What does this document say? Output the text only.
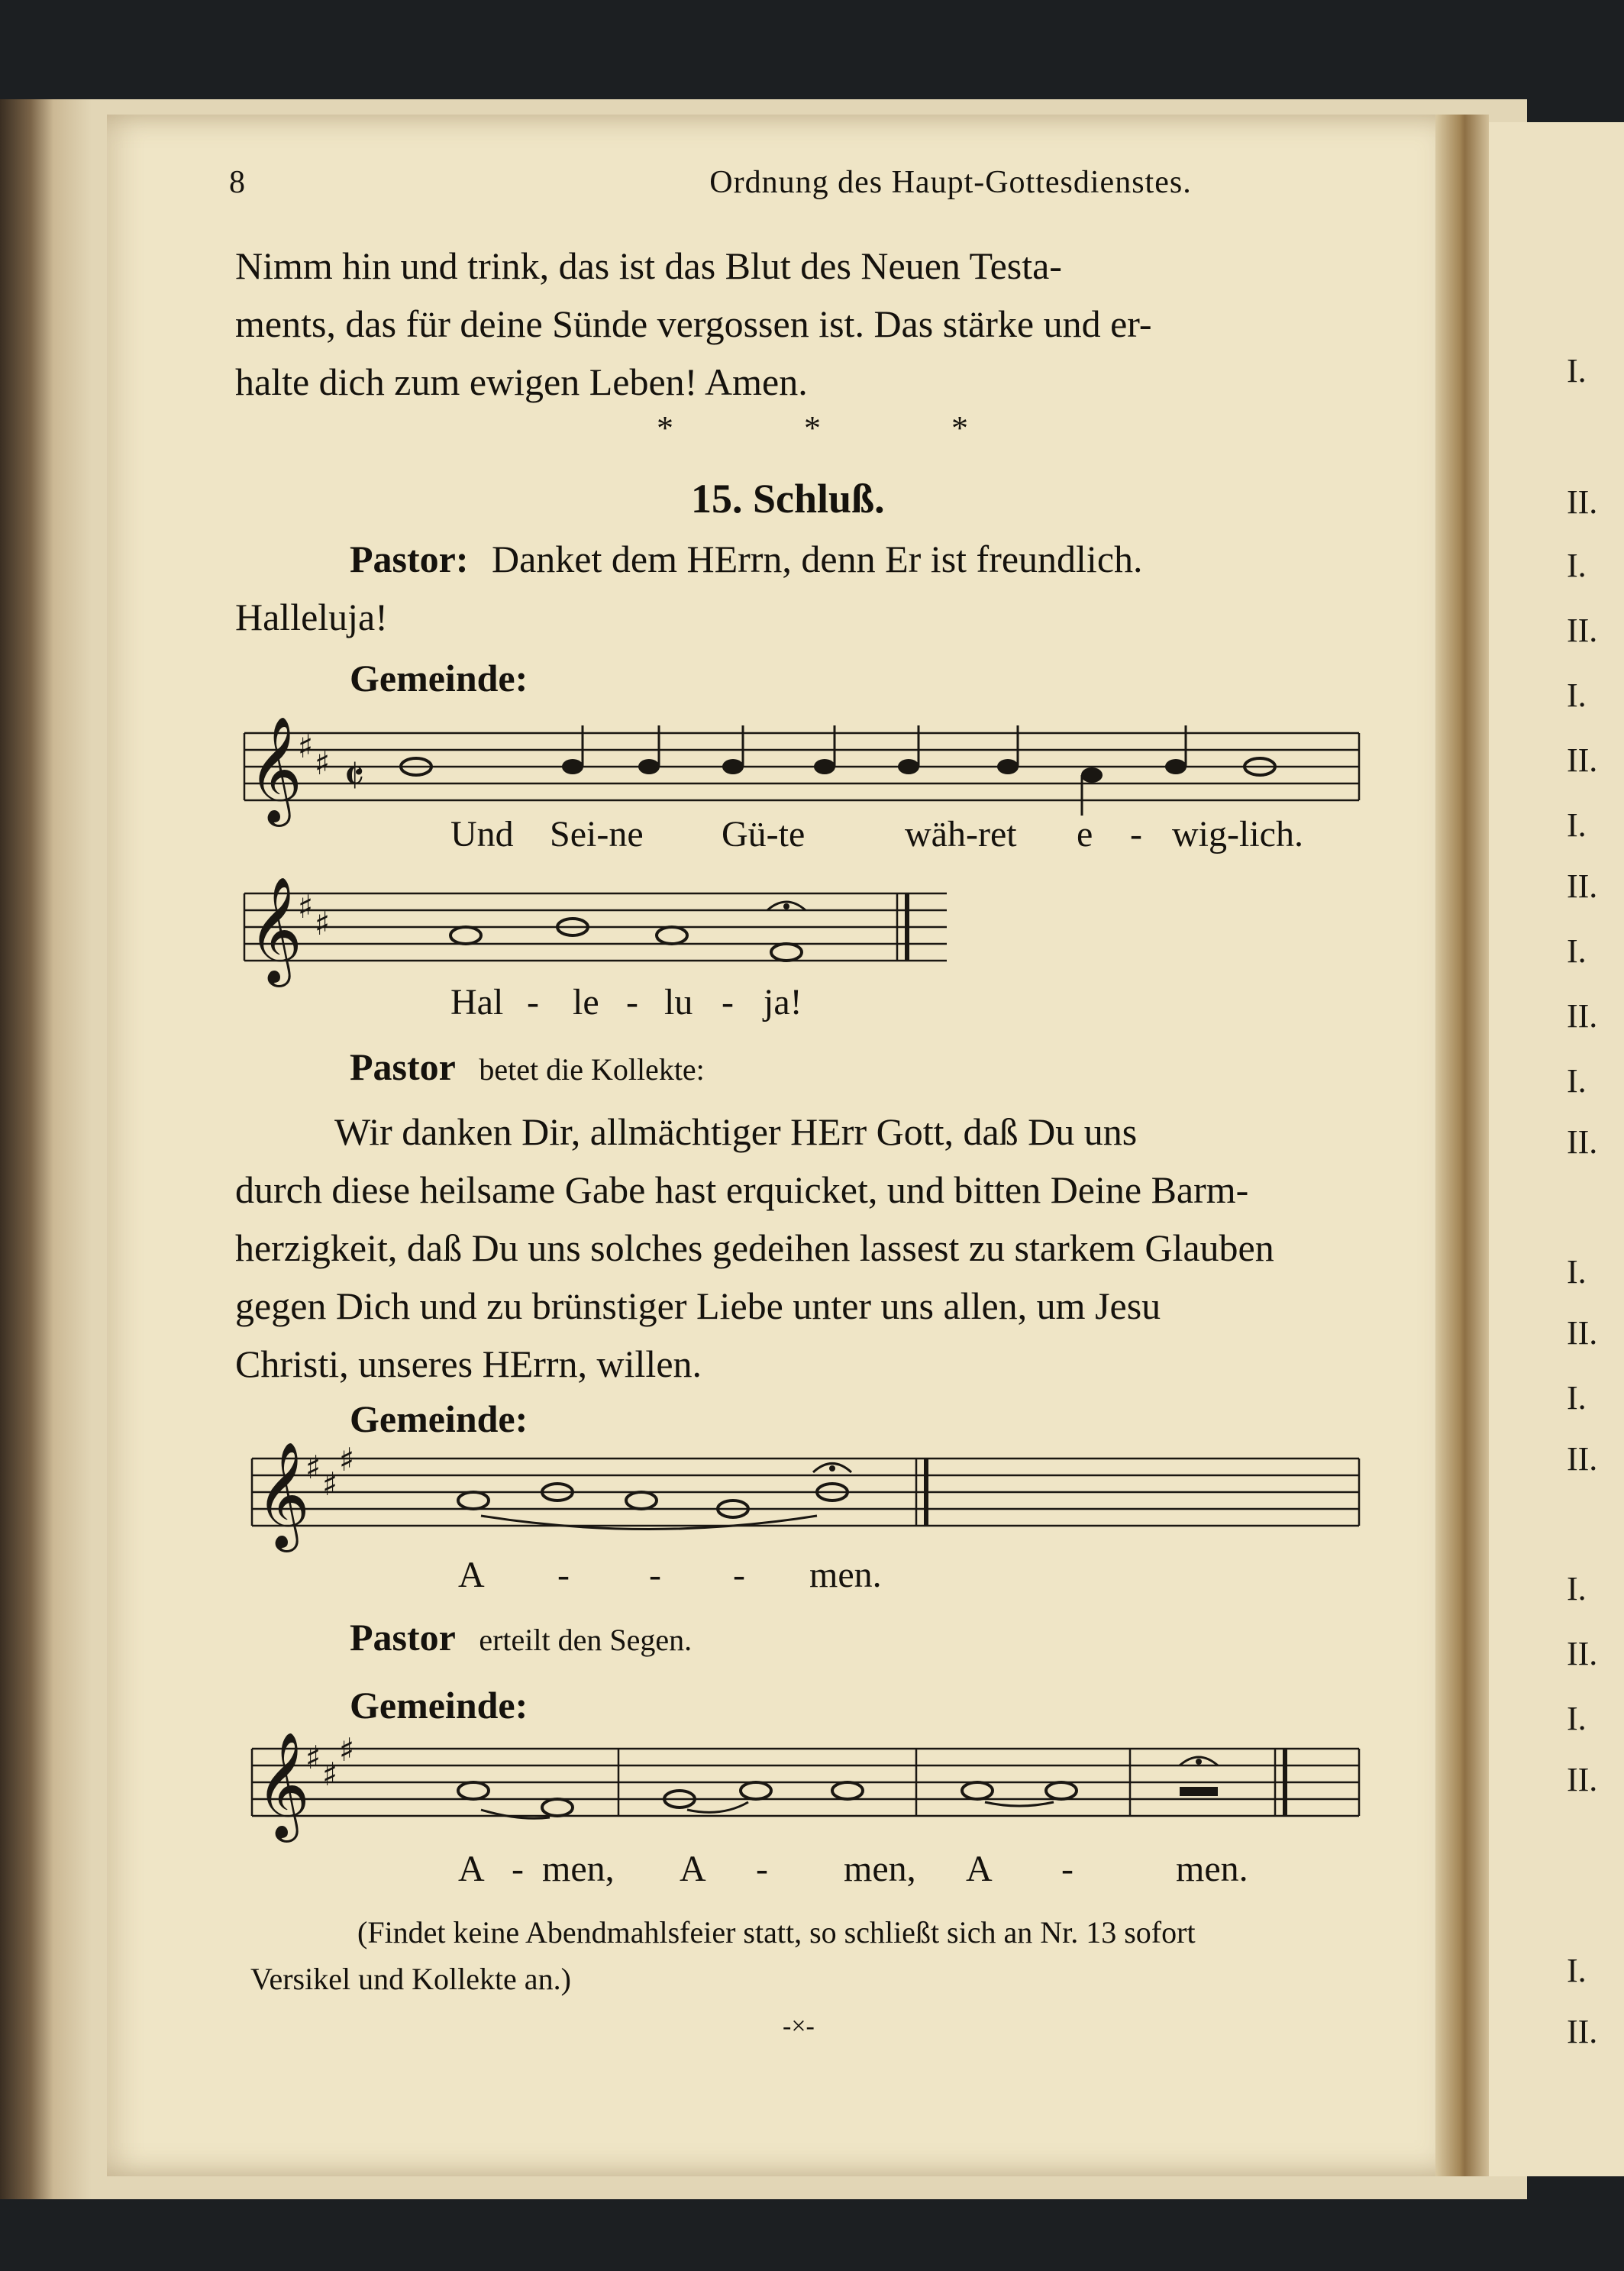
8	Ordnung des Haupt-Gottesdienstes.
Nimm hin und trink, das ist das Blut des Neuen Testa-
ments, das für deine Sünde vergossen ist. Das stärke und er-
halte dich zum ewigen Leben! Amen.
* * *
15. Schluß.
Pastor: Danket dem HErrn, denn Er ist freundlich.
Halleluja!
Gemeinde:
𝄞
♯ ♯ 𝄵
Und Sei-ne Gü-te	wäh-ret e - wig-lich.
𝄞
♯ ♯
Hal - le - lu - ja!
Pastor betet die Kollekte:
Wir danken Dir, allmächtiger HErr Gott, daß Du uns
durch diese heilsame Gabe hast erquicket, und bitten Deine Barm-
herzigkeit, daß Du uns solches gedeihen lassest zu starkem Glauben
gegen Dich und zu brünstiger Liebe unter uns allen, um Jesu
Christi, unseres HErrn, willen.
Gemeinde:
𝄞
♯ ♯
♯
A - - - men.
Pastor erteilt den Segen.
Gemeinde:
𝄞
♯ ♯
♯
A - men, A - men, A -	men.
(Findet keine Abendmahlsfeier statt, so schließt sich an Nr. 13 sofort
Versikel und Kollekte an.)
-×-
I.
II.
I.
II.
I.
II.
I.
II.
I.
II.
I.
II.
I.
II.
I.
II.
I.
II.
I.
II.
I.
II.
